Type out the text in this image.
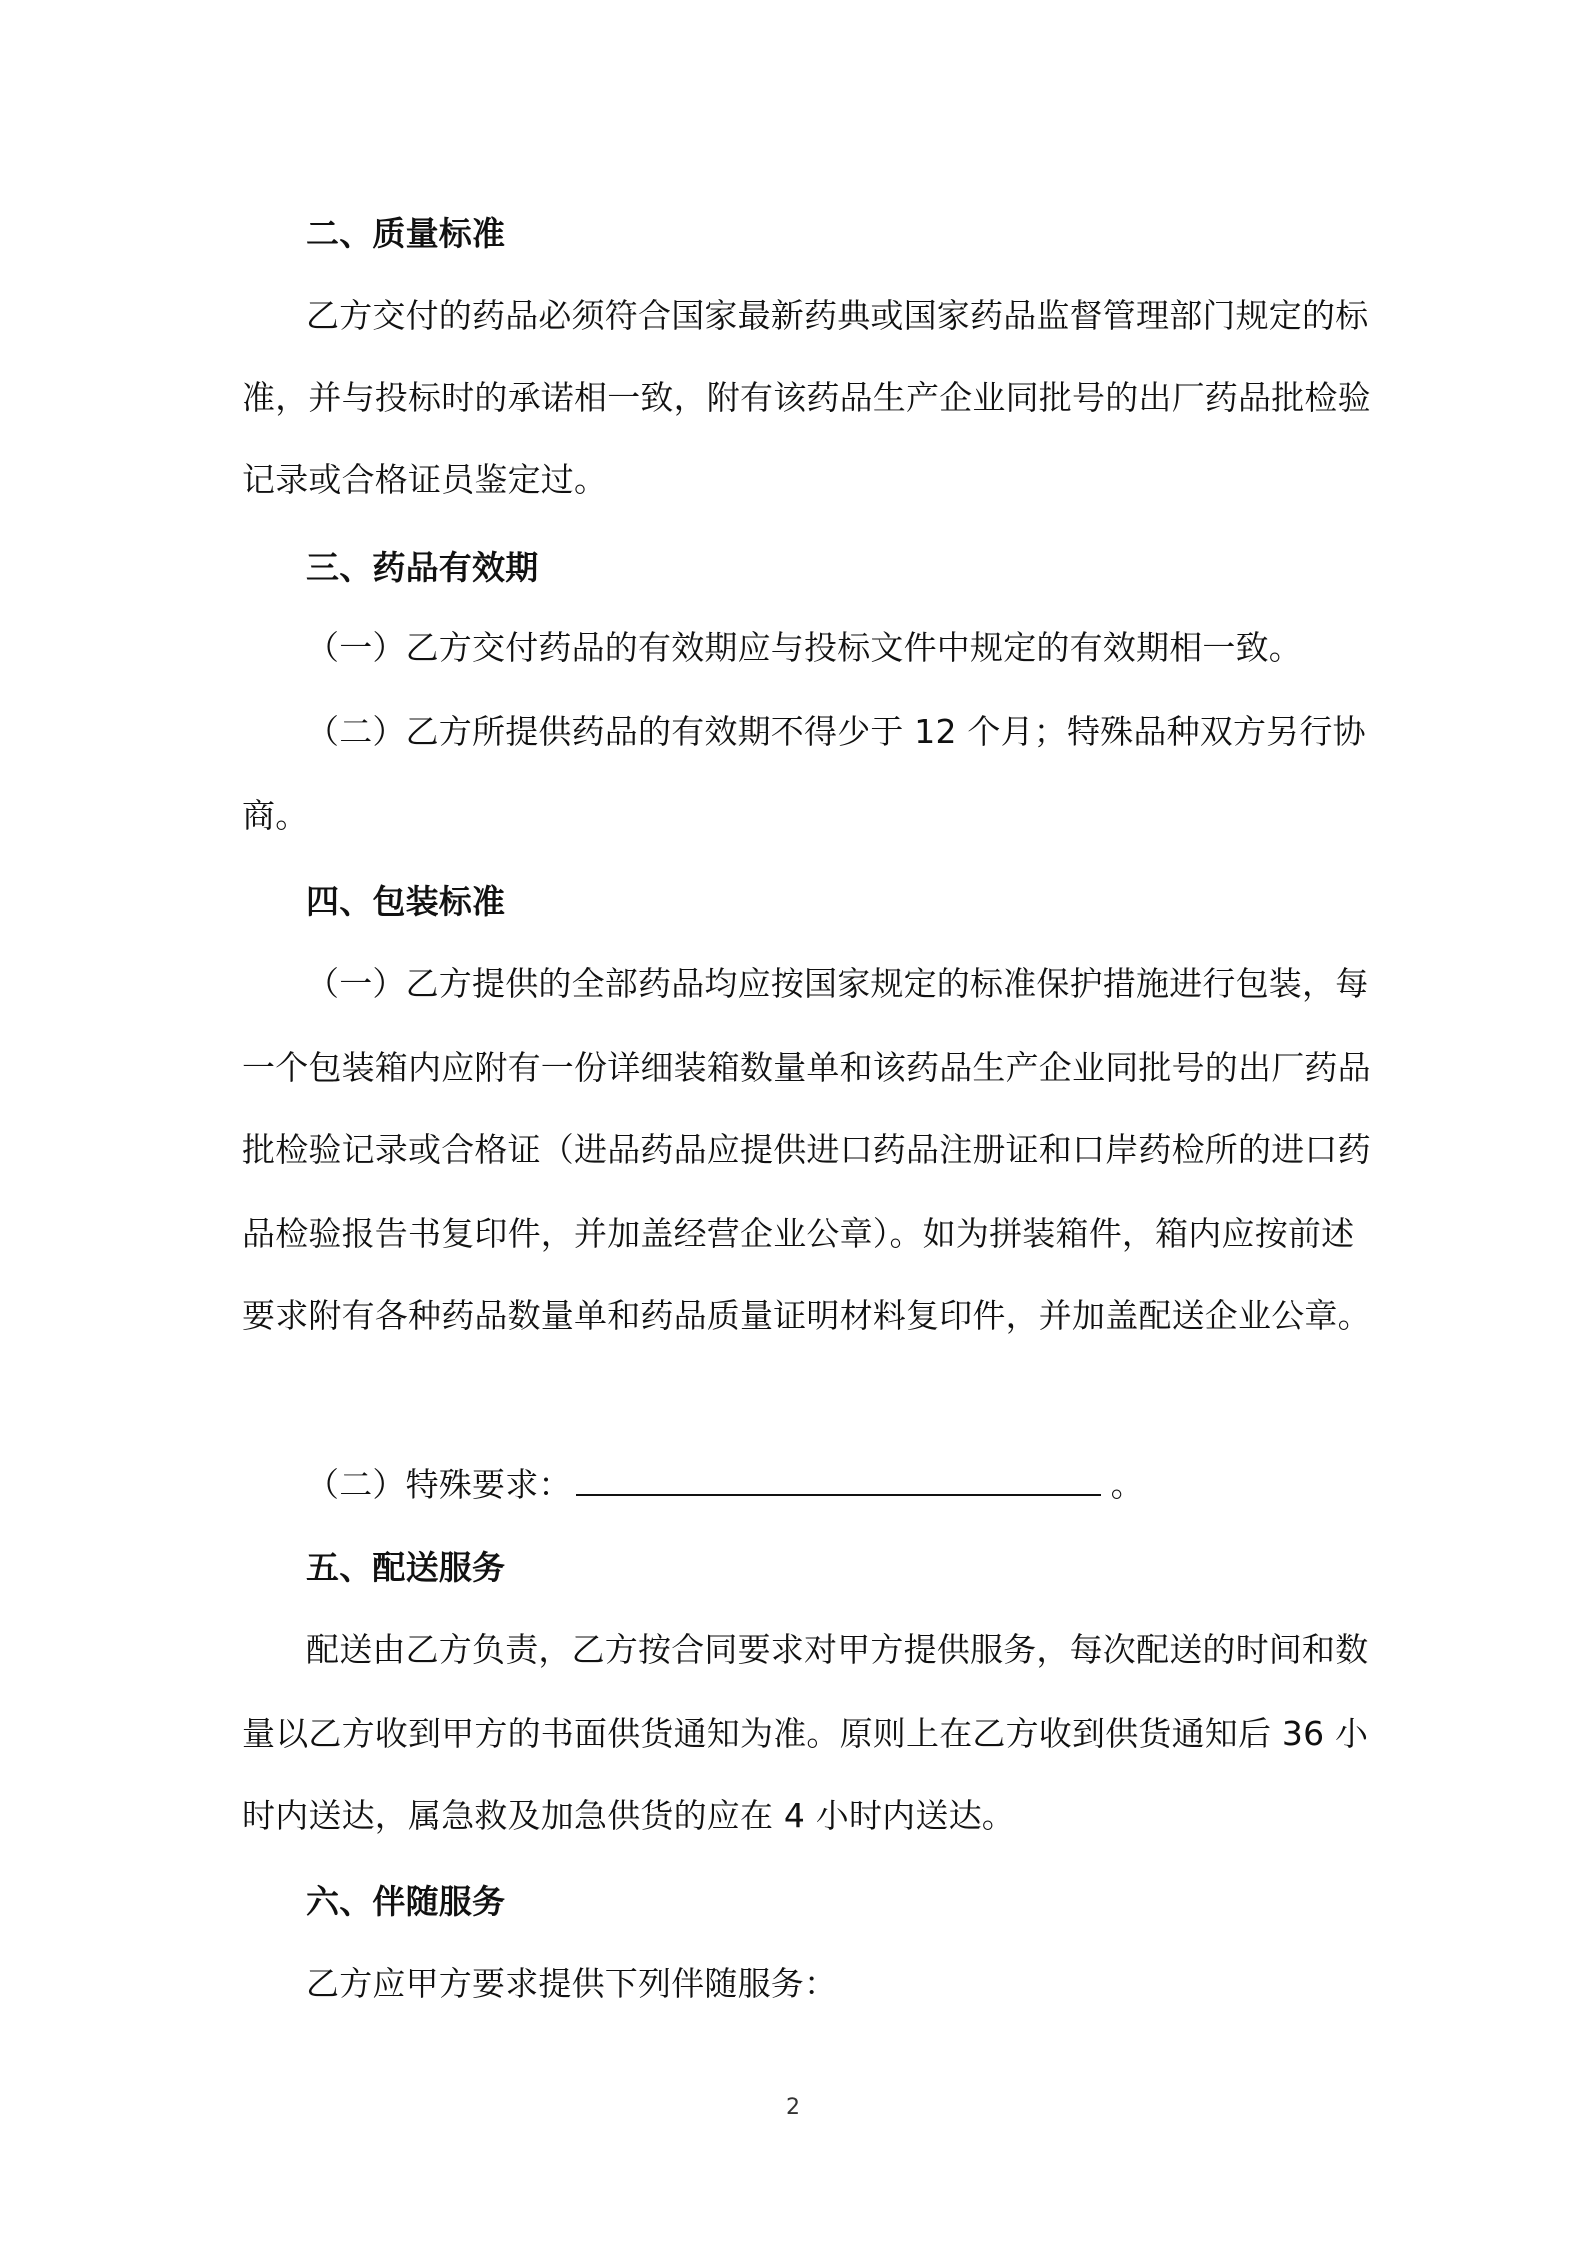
二、质量标准
乙方交付的药品必须符合国家最新药典或国家药品监督管理部门规定的标
准，并与投标时的承诺相一致，附有该药品生产企业同批号的出厂药品批检验
记录或合格证员鉴定过。
三、药品有效期
（一）乙方交付药品的有效期应与投标文件中规定的有效期相一致。
（二）乙方所提供药品的有效期不得少于 12 个月；特殊品种双方另行协
商。
四、包装标准
（一）乙方提供的全部药品均应按国家规定的标准保护措施进行包装，每
一个包装箱内应附有一份详细装箱数量单和该药品生产企业同批号的出厂药品
批检验记录或合格证（进品药品应提供进口药品注册证和口岸药检所的进口药
品检验报告书复印件，并加盖经营企业公章）。如为拼装箱件，箱内应按前述
要求附有各种药品数量单和药品质量证明材料复印件，并加盖配送企业公章。
（二）特殊要求：	。
五、配送服务
配送由乙方负责，乙方按合同要求对甲方提供服务，每次配送的时间和数
量以乙方收到甲方的书面供货通知为准。原则上在乙方收到供货通知后 36 小
时内送达，属急救及加急供货的应在 4 小时内送达。
六、伴随服务
乙方应甲方要求提供下列伴随服务：
2
